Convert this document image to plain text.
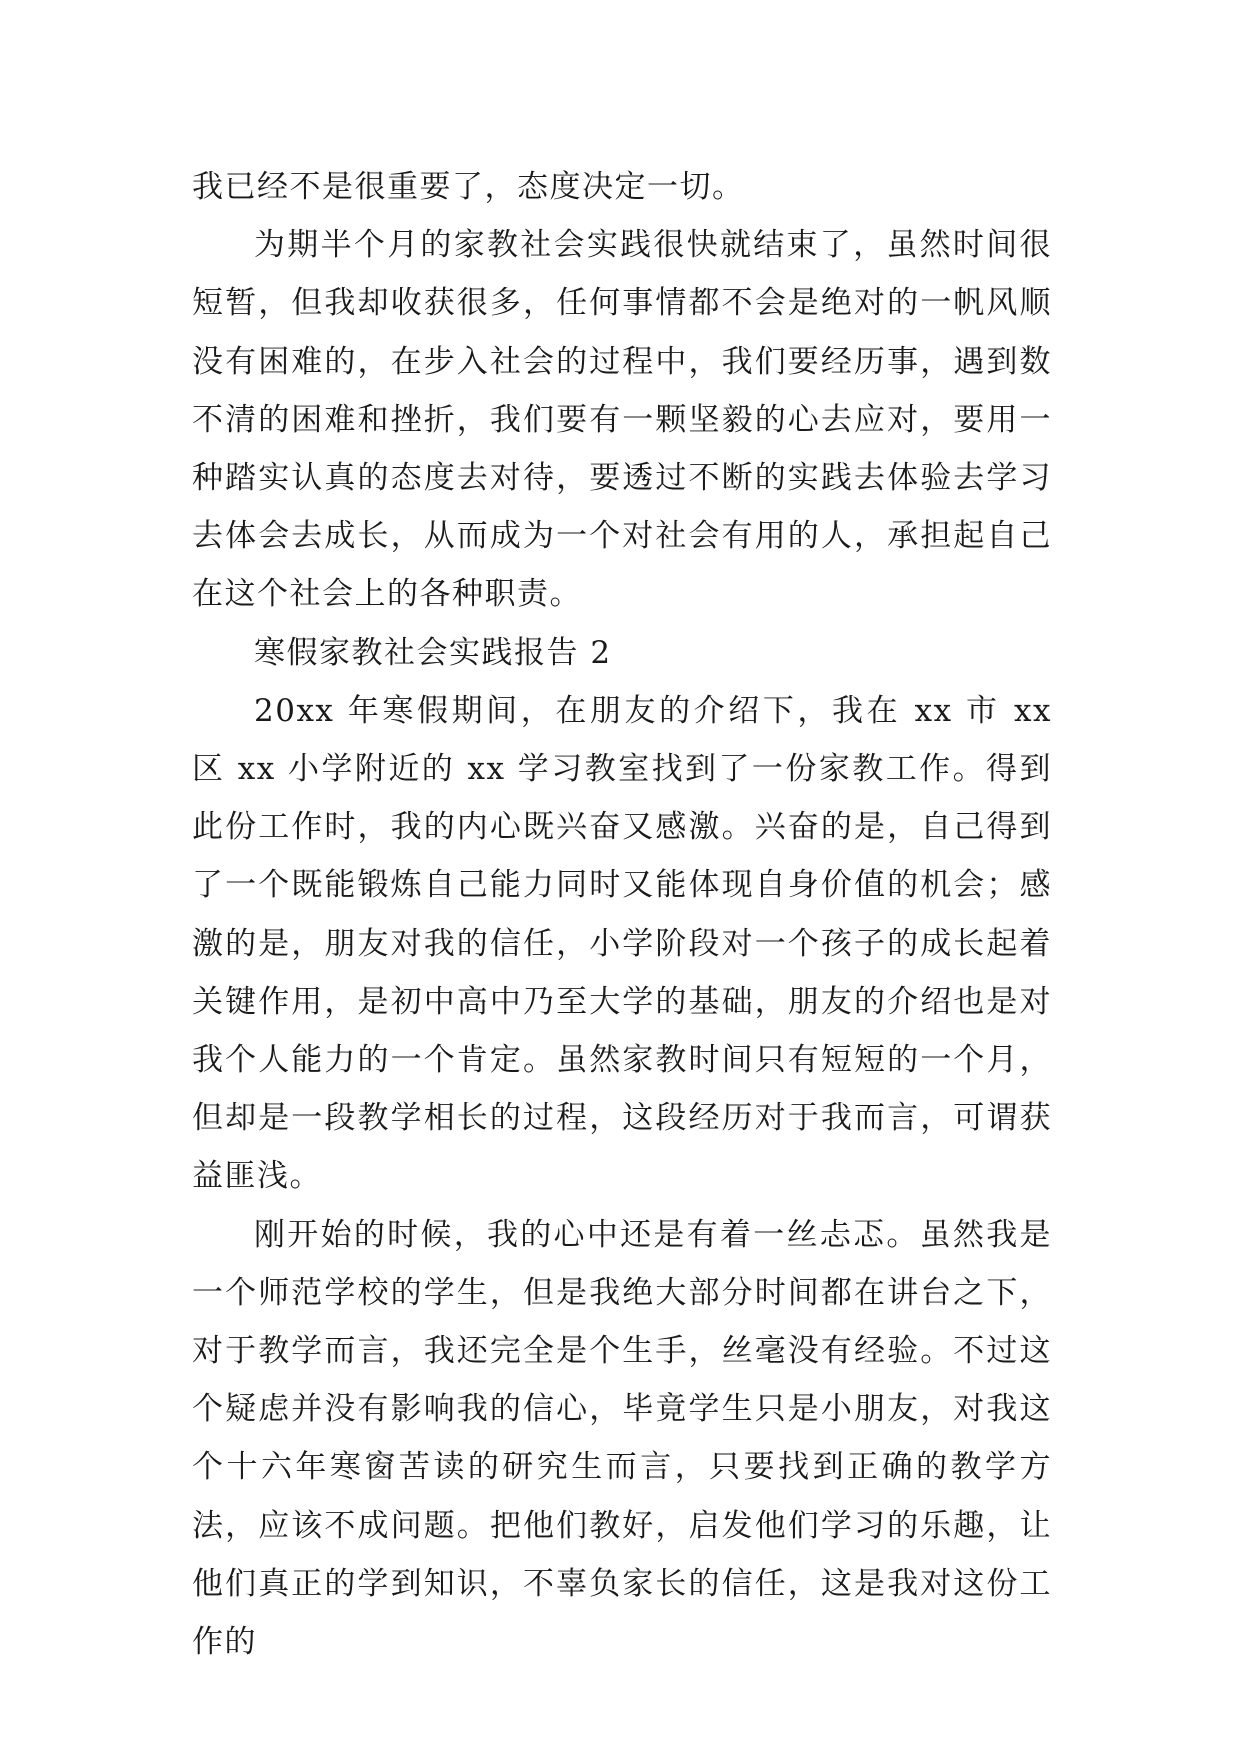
我已经不是很重要了，态度决定一切。

为期半个月的家教社会实践很快就结束了，虽然时间很短暂，但我却收获很多，任何事情都不会是绝对的一帆风顺没有困难的，在步入社会的过程中，我们要经历事，遇到数不清的困难和挫折，我们要有一颗坚毅的心去应对，要用一种踏实认真的态度去对待，要透过不断的实践去体验去学习去体会去成长，从而成为一个对社会有用的人，承担起自己在这个社会上的各种职责。

寒假家教社会实践报告 2

20xx 年寒假期间，在朋友的介绍下，我在 xx 市 xx 区 xx 小学附近的 xx 学习教室找到了一份家教工作。得到此份工作时，我的内心既兴奋又感激。兴奋的是，自己得到了一个既能锻炼自己能力同时又能体现自身价值的机会；感激的是，朋友对我的信任，小学阶段对一个孩子的成长起着关键作用，是初中高中乃至大学的基础，朋友的介绍也是对我个人能力的一个肯定。虽然家教时间只有短短的一个月，但却是一段教学相长的过程，这段经历对于我而言，可谓获益匪浅。

刚开始的时候，我的心中还是有着一丝忐忑。虽然我是一个师范学校的学生，但是我绝大部分时间都在讲台之下，对于教学而言，我还完全是个生手，丝毫没有经验。不过这个疑虑并没有影响我的信心，毕竟学生只是小朋友，对我这个十六年寒窗苦读的研究生而言，只要找到正确的教学方法，应该不成问题。把他们教好，启发他们学习的乐趣，让他们真正的学到知识，不辜负家长的信任，这是我对这份工作的
